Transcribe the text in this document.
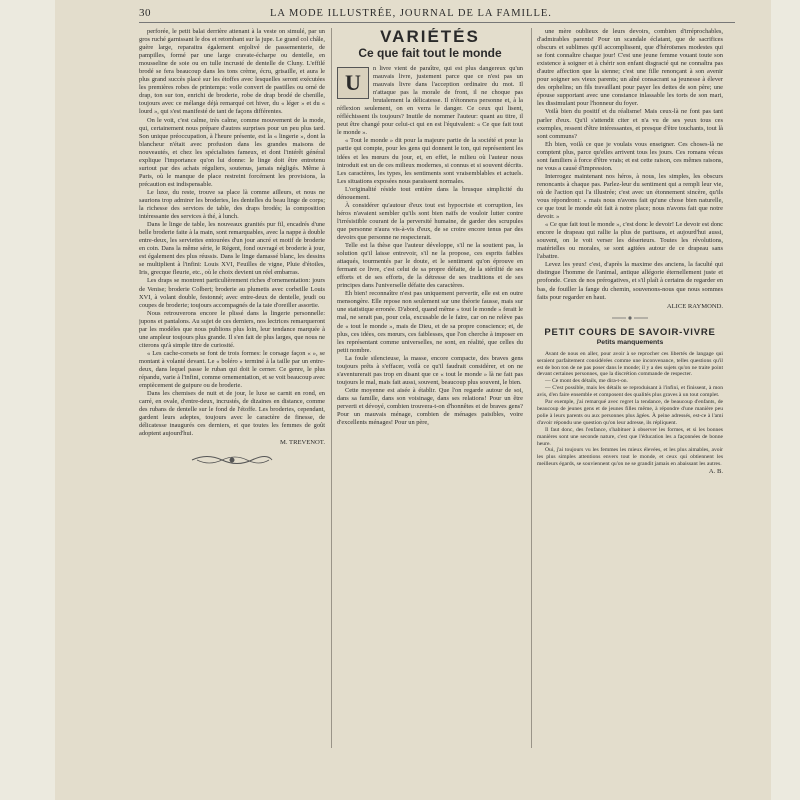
30	LA MODE ILLUSTRÉE, JOURNAL DE LA FAMILLE.

perforée, le petit balai derrière attenant à la veste on simulé, par un gros ruché garnissant le dos et retombant sur la jupe. Le grand col châle, guère large, reparaitra également enjolivé de passementerie, de pampilles, formé par une large cravate-écharpe ou dentelle, en mousseline de soie ou en tulle incrusté de dentelle de Cluny. L'effilé brodé se fera beaucoup dans les tons crème, écru, grisaille, et aura le plus grand succès placé sur les étoffes avec lesquelles seront exécutées les premières robes de printemps: voile convert de pastilles ou orné de drap, ton sur ton, enrichi de broderie, robe de drap brodé de chenille, toujours avec ce mélange déjà remarqué cet hiver, du « léger » et du « lourd », qui s'est manifesté de tant de façons différentes.

On le voit, c'est calme, très calme, comme mouvement de la mode, qui, certainement nous prépare d'autres surprises pour un peu plus tard. Son unique préoccupation, à l'heure présente, est la « lingerie », dont la blancheur n'était avec profusion dans les grandes maisons de nouveautés, et chez les spécialistes fameux, et dont l'intérêt général explique l'importance qu'on lui donne: le linge doit être entretenu surtout par des achats réguliers, soutenus, jamais négligés. Même à Paris, où le manque de place restreint forcément les provisions, la précaution est indispensable.

Le luxe, du reste, trouve sa place là comme ailleurs, et nous ne saurions trop admirer les broderies, les dentelles du beau linge de corps; la richesse des services de table, des draps brodés; la composition intéressante des services à thé, à lunch.

Dans le linge de table, les nouveaux granités pur fil, encadrés d'une belle broderie faite à la main, sont remarquables, avec la nappe à double entre-deux, les serviettes entourées d'un jour ancré et motif de broderie en coin. Dans la même série, le Régent, fond ouvragé et broderie à jour, est également des plus réussis. Dans le linge damassé blanc, les dessins se multiplient à l'infini: Louis XVI, Feuilles de vigne, Pluie d'étoiles, Iris, grecque fleurie, etc., où le choix devient un réel embarras.

Les draps se montrent particulièrement riches d'ornementation: jours de Venise; broderie Colbert; broderie au plumetis avec corbeille Louis XVI, à volant double, festonné; avec entre-deux de dentelle, jeudi ou coupes de broderie; toujours accompagnés de la taie d'oreiller assortie.

Nous retrouverons encore le plissé dans la lingerie personnelle: jupons et pantalons. Au sujet de ces derniers, nos lectrices remarqueront par les modèles que nous publions plus loin, leur tendance marquée à une ampleur toujours plus grande. Il s'en fait de plus larges, que nous ne citerons qu'à simple titre de curiosité.

« Les cache-corsets se font de trois formes: le corsage façon « », se montant à volanté devant. Le « boléro » terminé à la taille par un entre-deux, dans lequel passe le ruban qui doit le cerner. Ce genre, le plus répandu, varie à l'infini, comme ornementation, et se voit beaucoup avec empiècement de guipure ou de broderie.

Dans les chemises de nuit et de jour, le luxe se carnit en rond, en carré, en ovale, d'entre-deux, incrustés, de dizaines en distance, comme des rubans de dentelle sur le fond de l'étoffe. Les broderies, cependant, gardent leurs adeptes, toujours avec le caractère de finesse, de délicatesse inaugurés ces derniers, et que toutes les femmes de goût adoptent aujourd'hui.

M. TREVENOT.
VARIÉTÉS
Ce que fait tout le monde
U

n livre vient de paraître, qui est plus dangereux qu'un mauvais livre, justement parce que ce n'est pas un mauvais livre dans l'acception ordinaire du mot. Il n'attaque pas la morale de front, il ne choque pas brutalement la délicatesse. Il n'étonnera personne et, à la réflexion seulement, on en verra le danger. Ce ceux qui lisent, réfléchissent ils toujours? Inutile de nommer l'auteur: quant au titre, il peut être changé pour celui-ci qui en est l'équivalent: « Ce que fait tout le monde ».

« Tout le monde » dit pour la majeure partie de la société et pour la partie qui compte, pour les gens qui donnent le ton, qui représentent les idées et les mœurs du jour, et, en effet, le milieu où l'auteur nous introduit est un de ces milieux modernes, si connus et si souvent décrits. Les caractères, les types, les sentiments sont vraisemblables et actuels. Les situations exposées nous paraissent normales.

L'originalité réside tout entière dans la brusque simplicité du dénouement.

À considérer qu'autour d'eux tout est hypocrisie et corruption, les héros n'avaient sembler qu'ils sont bien naïfs de vouloir lutter contre l'irrésistible courant de la perversité humaine, de garder des scrupules que personne n'aura vis-à-vis d'eux, de se croire encore tenus par des devoirs que personne ne respecterait.

Telle est la thèse que l'auteur développe, s'il ne la soutient pas, la solution qu'il laisse entrevoir, s'il ne la propose, ces esprits faibles attaqués, tourmentés par le doute, et le sentiment qu'on éprouve en fermant ce livre, c'est celui de sa propre défaite, de la stérilité de ses efforts et de ses efforts, de la détresse de ses traditions et de ses principes dans l'universelle défaite des caractères.

Eh bien! reconnaître n'est pas uniquement pervertir, elle est en outre mensongère. Elle repose non seulement sur une théorie fausse, mais sur une statistique erronée. D'abord, quand même « tout le monde » ferait le mal, ne serait pas, pour cela, excusable de le faire, car on ne relève pas de « tout le monde », mais de Dieu, et de sa propre conscience; et, de plus, ces idées, ces mœurs, ces faiblesses, que l'on cherche à imposer en les représentant comme universelles, ne sont, en réalité, que celles du petit nombre.

La foule silencieuse, la masse, encore compacte, des braves gens toujours prêts à s'effacer, voilà ce qu'il faudrait considérer, et on ne s'aventurerait pas trop en disant que ce « tout le monde » là ne fait pas toujours le mal, mais fait aussi, souvent, beaucoup plus souvent, le bien.

Cette moyenne est aisée à établir. Que l'on regarde autour de soi, dans sa famille, dans son voisinage, dans ses relations! Pour un être perverti et dévoyé, combien trouvera-t-on d'honnêtes et de braves gens? Pour un mauvais ménage, combien de ménages paisibles, voire d'excellents ménages! Pour un père,

une mère oublieux de leurs devoirs, combien d'irréprochables, d'admirables parents! Pour un scandale éclatant, que de sacrifices obscurs et sublimes qu'il accomplissent, que d'héroïsmes modestes qui se font connaître chaque jour! C'est une jeune femme vouant toute son existence à soigner et à chérir son enfant disgracié qui ne connaîtra pas d'autre affection que la sienne; c'est une fille renonçant à son avenir pour soigner ses vieux parents; un aîné consacrant sa jeunesse à élever des orphelins; un fils travaillant pour payer les dettes de son père; une épouse supportant avec une constance inlassable les torts de son mari, les dissimulant pour l'honneur du foyer.

Voilà bien du positif et du réalisme! Mais ceux-là ne font pas tant parler d'eux. Qu'il s'attendit citer et n'a vu de ses yeux tous ces exemples, ressent d'être intéressantes, et presque d'être touchants, tout là sont communs?

Eh bien, voilà ce que je voulais vous enseigner. Ces choses-là ne comptent plus, parce qu'elles arrivent tous les jours. Ces romans vécus sont familiers à force d'être vrais; et est cette raison, ces mêmes raisons, ne vous a causé d'impression.

Interrogez maintenant nos héros, à nous, les simples, les obscurs renoncants à chaque pas. Parlez-leur du sentiment qui a rempli leur vie, où de l'action qui l'a illustrée; c'est avec un étonnement sincère, qu'ils vous répondront: « mais nous n'avons fait qu'une chose bien naturelle, ce que tout le monde eût fait à notre place; nous n'avons fait que notre devoir. »

« Ce que fait tout le monde », c'est donc le devoir! Le devoir est donc encore le drapeau qui rallie la plus de partisans, et aujourd'hui aussi, souvent, on le voit verser les déserteurs. Toutes les révolutions, matérielles ou morales, se sont agitées autour de ce drapeau sans l'abattre.

Levez les yeux! c'est, d'après la maxime des anciens, la faculté qui distingue l'homme de l'animal, antique allégorie éternellement juste et profonde. Ceux de nos prérogatives, et s'il plaît à certains de regarder en bas, de fouiller la fange du chemin, souvenons-nous que nous sommes faits pour regarder en haut.

ALICE RAYMOND.
PETIT COURS DE SAVOIR-VIVRE
Petits manquements

Avant de nous en aller, pour avoir à se reprocher ces libertés de langage qui seraient parfaitement considérées comme une inconvenance, telles questions qu'il est de bon ton de ne pas poser dans le monde; il y a des sujets qu'on ne traite point devant certaines personnes, que la discrétion commande de respecter.

— Ce mont des détails, me dira-t-on.

— C'est possible, mais les détails se reproduisant à l'infini, et finissent, à mon avis, d'en faire ensemble et composent des qualités plus graves à un tout complet.

Par exemple, j'ai remarqué avec regret la tendance, de beaucoup d'enfants, de beaucoup de jeunes gens et de jeunes filles même, à répondre d'une manière peu polie à leurs parents ou aux personnes plus âgées. À peine adressés, est-ce à l'ami d'avoir répondu une question qu'on leur adresse, ils répliquent.

Il faut donc, des l'enfance, s'habituer à observer les formes, et si les bonnes manières sont une seconde nature, c'est que l'éducation les a façonnées de bonne heure.

Oui, j'ai toujours vu les femmes les mieux élevées, et les plus aimables, avoir les plus simples attentions envers tout le monde, et ceux qui obtiennent les meilleurs égards, se souviennent qu'on ne se grandit jamais en abaissant les autres.

A. B.
